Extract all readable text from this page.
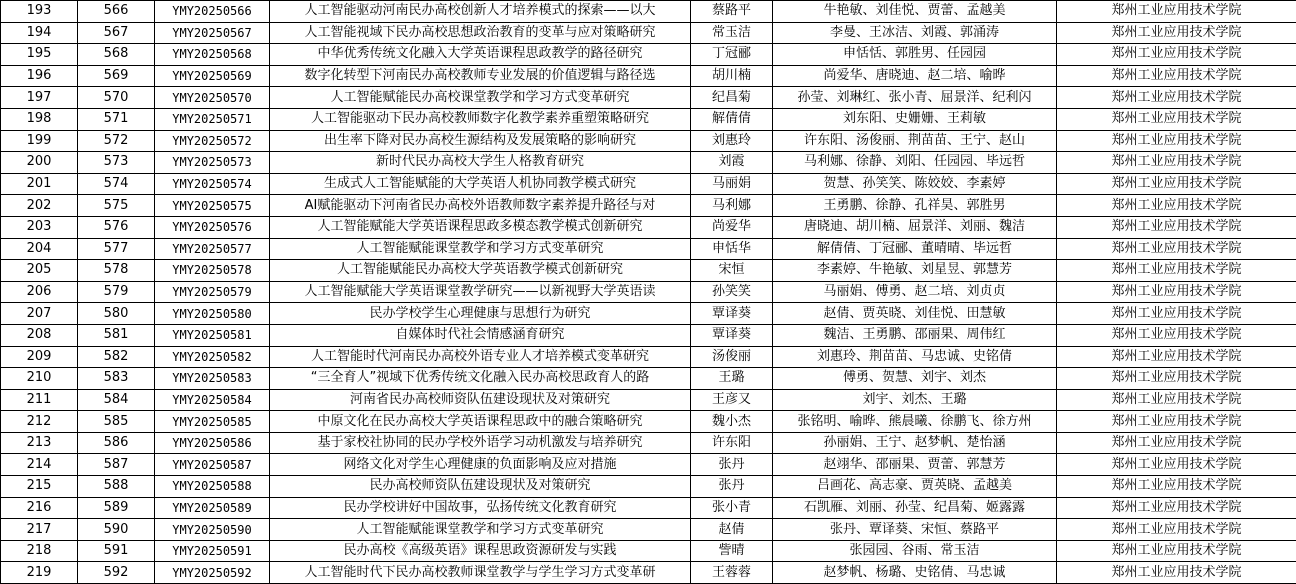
193	566	YMY20250566	人工智能驱动河南民办高校创新人才培养模式的探索——以大	蔡路平	牛艳敏、刘佳悦、贾蕾、孟越美	郑州工业应用技术学院
194	567	YMY20250567	人工智能视域下民办高校思想政治教育的变革与应对策略研究	常玉洁	李曼、王冰洁、刘霞、郭涌涛	郑州工业应用技术学院
195	568	YMY20250568	中华优秀传统文化融入大学英语课程思政教学的路径研究	丁冠郦	申恬恬、郭胜男、任园园	郑州工业应用技术学院
196	569	YMY20250569	数字化转型下河南民办高校教师专业发展的价值逻辑与路径选	胡川楠	尚爱华、唐晓迪、赵二培、喻晔	郑州工业应用技术学院
197	570	YMY20250570	人工智能赋能民办高校课堂教学和学习方式变革研究	纪昌菊	孙莹、刘琳红、张小青、屈景洋、纪利闪	郑州工业应用技术学院
198	571	YMY20250571	人工智能驱动下民办高校教师数字化教学素养重塑策略研究	解倩倩	刘东阳、史姗姗、王莉敏	郑州工业应用技术学院
199	572	YMY20250572	出生率下降对民办高校生源结构及发展策略的影响研究	刘惠玲	许东阳、汤俊丽、荆苗苗、王宁、赵山	郑州工业应用技术学院
200	573	YMY20250573	新时代民办高校大学生人格教育研究	刘霞	马利娜、徐静、刘阳、任园园、毕远哲	郑州工业应用技术学院
201	574	YMY20250574	生成式人工智能赋能的大学英语人机协同教学模式研究	马丽娟	贺慧、孙笑笑、陈姣姣、李素婷	郑州工业应用技术学院
202	575	YMY20250575	AI赋能驱动下河南省民办高校外语教师数字素养提升路径与对	马利娜	王勇鹏、徐静、孔祥昊、郭胜男	郑州工业应用技术学院
203	576	YMY20250576	人工智能赋能大学英语课程思政多模态教学模式创新研究	尚爱华	唐晓迪、胡川楠、屈景洋、刘丽、魏洁	郑州工业应用技术学院
204	577	YMY20250577	人工智能赋能课堂教学和学习方式变革研究	申恬华	解倩倩、丁冠郦、董晴晴、毕远哲	郑州工业应用技术学院
205	578	YMY20250578	人工智能赋能民办高校大学英语教学模式创新研究	宋恒	李素婷、牛艳敏、刘星昱、郭慧芳	郑州工业应用技术学院
206	579	YMY20250579	人工智能赋能大学英语课堂教学研究——以新视野大学英语读	孙笑笑	马丽娟、傅勇、赵二培、刘贞贞	郑州工业应用技术学院
207	580	YMY20250580	民办学校学生心理健康与思想行为研究	覃译葵	赵倩、贾英晓、刘佳悦、田慧敏	郑州工业应用技术学院
208	581	YMY20250581	自媒体时代社会情感涵育研究	覃译葵	魏洁、王勇鹏、邵丽果、周伟红	郑州工业应用技术学院
209	582	YMY20250582	人工智能时代河南民办高校外语专业人才培养模式变革研究	汤俊丽	刘惠玲、荆苗苗、马忠诚、史铭倩	郑州工业应用技术学院
210	583	YMY20250583	“三全育人”视域下优秀传统文化融入民办高校思政育人的路	王璐	傅勇、贺慧、刘宇、刘杰	郑州工业应用技术学院
211	584	YMY20250584	河南省民办高校师资队伍建设现状及对策研究	王彦又	刘宇、刘杰、王璐	郑州工业应用技术学院
212	585	YMY20250585	中原文化在民办高校大学英语课程思政中的融合策略研究	魏小杰	张铭明、喻晔、熊晨曦、徐鹏飞、徐方州	郑州工业应用技术学院
213	586	YMY20250586	基于家校社协同的民办学校外语学习动机激发与培养研究	许东阳	孙丽娟、王宁、赵梦帆、楚怡涵	郑州工业应用技术学院
214	587	YMY20250587	网络文化对学生心理健康的负面影响及应对措施	张丹	赵翊华、邵丽果、贾蕾、郭慧芳	郑州工业应用技术学院
215	588	YMY20250588	民办高校师资队伍建设现状及对策研究	张丹	吕画花、高志豪、贾英晓、孟越美	郑州工业应用技术学院
216	589	YMY20250589	民办学校讲好中国故事，弘扬传统文化教育研究	张小青	石凯雁、刘丽、孙莹、纪昌菊、姬露露	郑州工业应用技术学院
217	590	YMY20250590	人工智能赋能课堂教学和学习方式变革研究	赵倩	张丹、覃译葵、宋恒、蔡路平	郑州工业应用技术学院
218	591	YMY20250591	民办高校《高级英语》课程思政资源研发与实践	訾晴	张园园、谷雨、常玉洁	郑州工业应用技术学院
219	592	YMY20250592	人工智能时代下民办高校教师课堂教学与学生学习方式变革研	王蓉蓉	赵梦帆、杨璐、史铭倩、马忠诚	郑州工业应用技术学院
